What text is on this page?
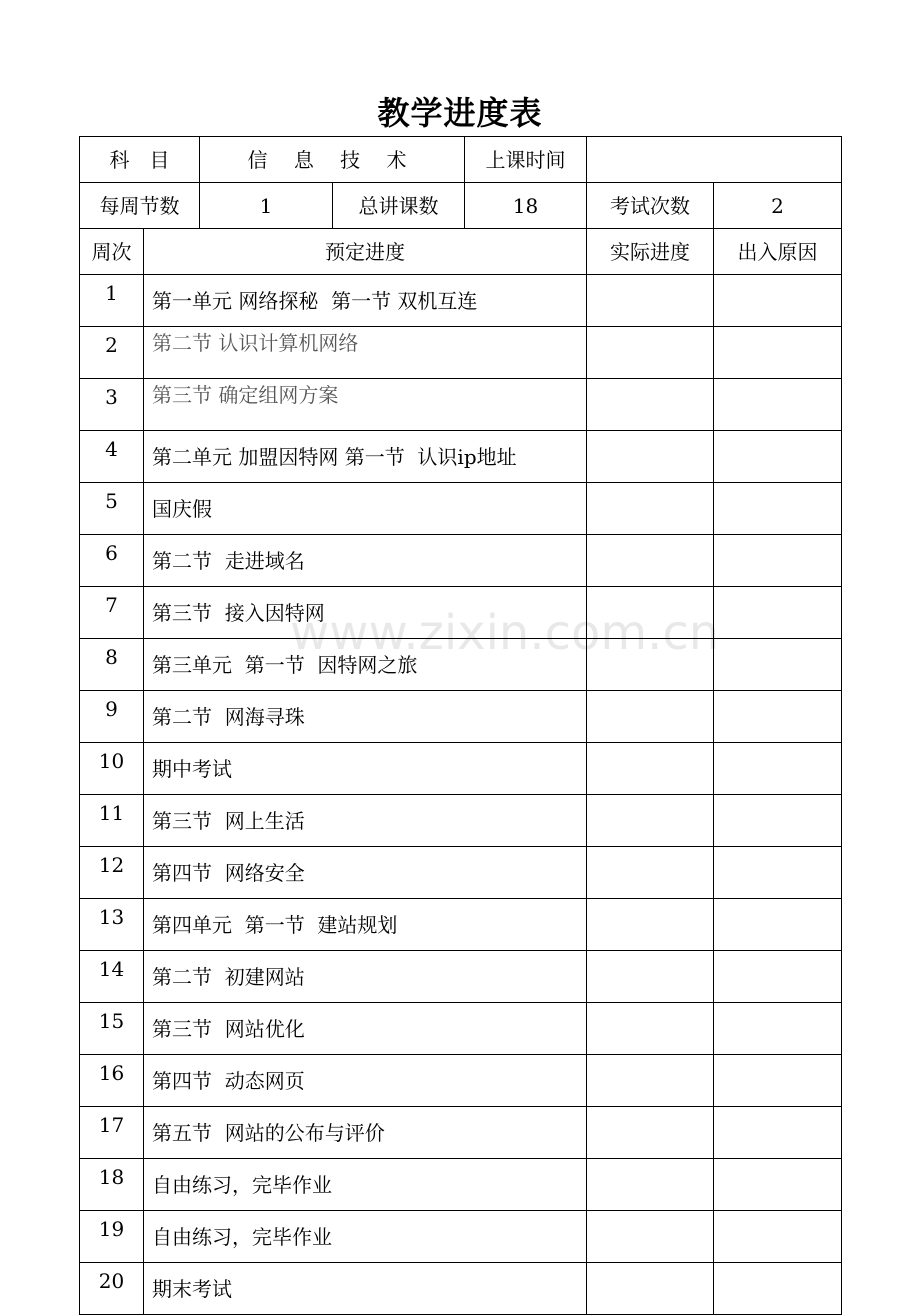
教学进度表
科　目		信 息 技 术		上课时间		
每周节数		1	总讲课数	18	考试次数	2
周次	预定进度				实际进度	出入原因
1	第一单元 网络探秘  第一节 双机互连					
2	第二节 认识计算机网络					
3	第三节 确定组网方案					
4	第二单元 加盟因特网 第一节  认识ip地址					
5	国庆假					
6	第二节  走进域名					
7	第三节  接入因特网					
8	第三单元  第一节  因特网之旅					
9	第二节  网海寻珠					
10	期中考试					
11	第三节  网上生活					
12	第四节  网络安全					
13	第四单元  第一节  建站规划					
14	第二节  初建网站					
15	第三节  网站优化					
16	第四节  动态网页					
17	第五节  网站的公布与评价					
18	自由练习，完毕作业					
19	自由练习，完毕作业					
20	期末考试					
www.zixin.com.cn
